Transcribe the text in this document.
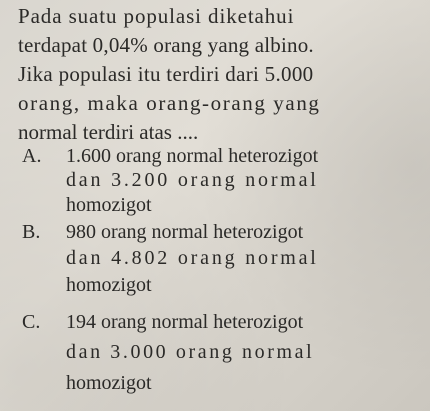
Pada suatu populasi diketahui
terdapat 0,04% orang yang albino.
Jika populasi itu terdiri dari 5.000
orang, maka orang-orang yang
normal terdiri atas ....
A. 1.600 orang normal heterozigot
dan 3.200 orang normal
homozigot
B. 980 orang normal heterozigot
dan 4.802 orang normal
homozigot
C. 194 orang normal heterozigot
dan 3.000 orang normal
homozigot
